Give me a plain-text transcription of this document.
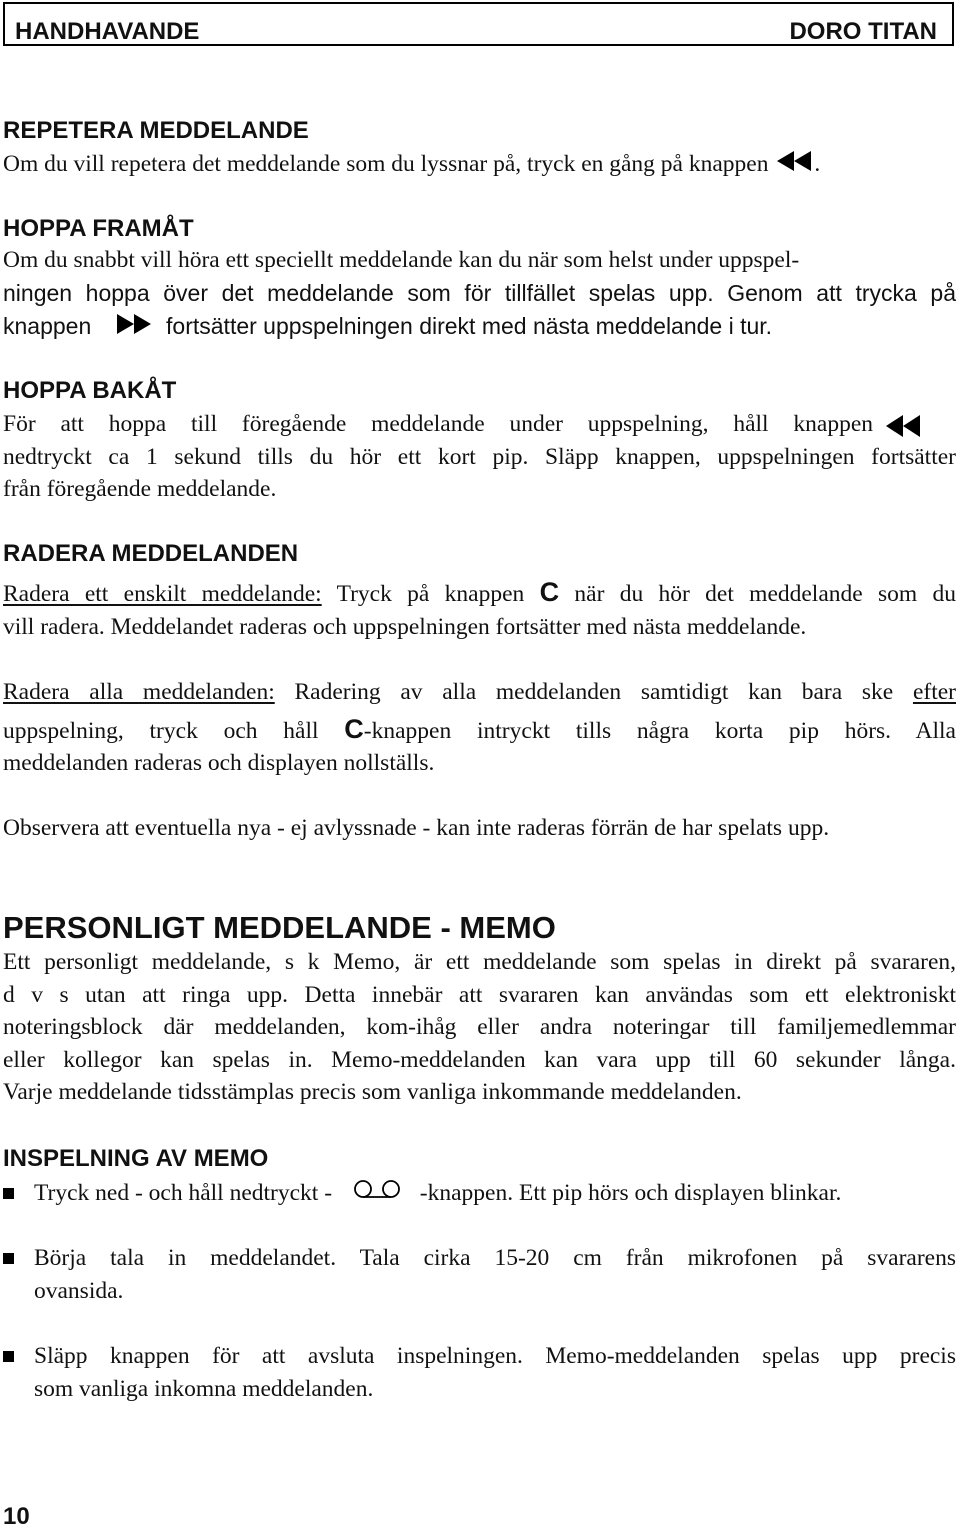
HANDHAVANDE	DORO TITAN
REPETERA MEDDELANDE
Om du vill repetera det meddelande som du lyssnar på, tryck en gång på knappen .
HOPPA FRAMÅT
Om du snabbt vill höra ett speciellt meddelande kan du när som helst under uppspel-
ningen hoppa över det meddelande som för tillfället spelas upp. Genom att trycka på
knappen	fortsätter uppspelningen direkt med nästa meddelande i tur.
HOPPA BAKÅT
För att hoppa till föregående meddelande under uppspelning, håll knappen
nedtryckt ca 1 sekund tills du hör ett kort pip. Släpp knappen, uppspelningen fortsätter
från föregående meddelande.
RADERA MEDDELANDEN
Radera ett enskilt meddelande: Tryck på knappen C när du hör det meddelande som du
vill radera. Meddelandet raderas och uppspelningen fortsätter med nästa meddelande.
Radera alla meddelanden: Radering av alla meddelanden samtidigt kan bara ske efter
uppspelning, tryck och håll C-knappen intryckt tills några korta pip hörs. Alla
meddelanden raderas och displayen nollställs.
Observera att eventuella nya - ej avlyssnade - kan inte raderas förrän de har spelats upp.
PERSONLIGT MEDDELANDE - MEMO
Ett personligt meddelande, s k Memo, är ett meddelande som spelas in direkt på svararen,
d v s utan att ringa upp. Detta innebär att svararen kan användas som ett elektroniskt
noteringsblock där meddelanden, kom-ihåg eller andra noteringar till familjemedlemmar
eller kollegor kan spelas in. Memo-meddelanden kan vara upp till 60 sekunder långa.
Varje meddelande tidsstämplas precis som vanliga inkommande meddelanden.
INSPELNING AV MEMO
Tryck ned - och håll nedtryckt -	-knappen. Ett pip hörs och displayen blinkar.
Börja tala in meddelandet. Tala cirka 15-20 cm från mikrofonen på svararens
ovansida.
Släpp knappen för att avsluta inspelningen. Memo-meddelanden spelas upp precis
som vanliga inkomna meddelanden.
10
